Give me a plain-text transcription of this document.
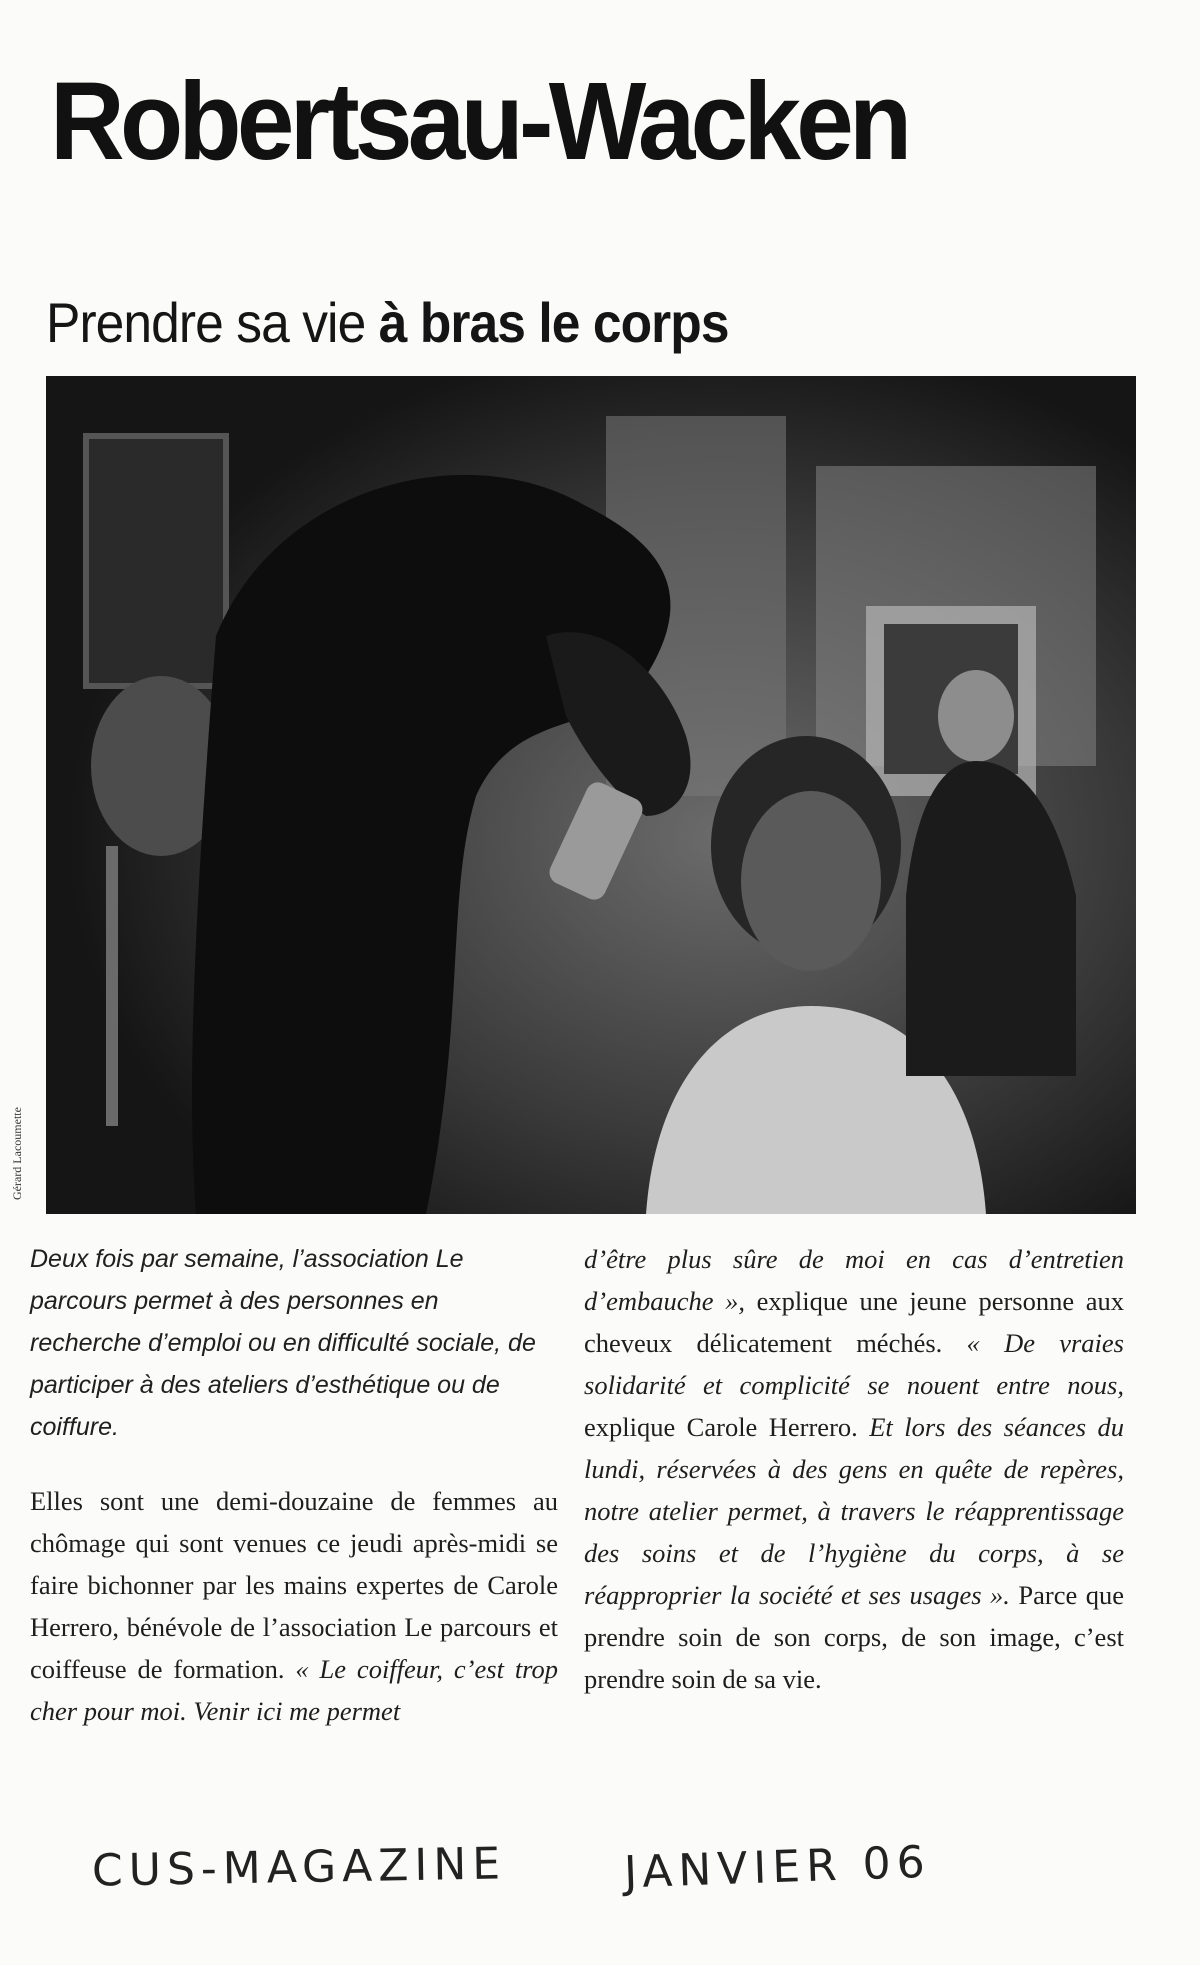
Robertsau-Wacken
Prendre sa vie à bras le corps
Gérard Lacoumette

Deux fois par semaine, l’association Le parcours permet à des personnes en recherche d’emploi ou en difficulté sociale, de participer à des ateliers d’esthétique ou de coiffure.

Elles sont une demi-douzaine de femmes au chômage qui sont venues ce jeudi après-midi se faire bichonner par les mains expertes de Carole Herrero, bénévole de l’association Le parcours et coiffeuse de formation. « Le coiffeur, c’est trop cher pour moi. Venir ici me permet

d’être plus sûre de moi en cas d’entretien d’embauche », explique une jeune personne aux cheveux délicatement méchés. « De vraies solidarité et complicité se nouent entre nous, explique Carole Herrero. Et lors des séances du lundi, réservées à des gens en quête de repères, notre atelier permet, à travers le réapprentissage des soins et de l’hygiène du corps, à se réapproprier la société et ses usages ». Parce que prendre soin de son corps, de son image, c’est prendre soin de sa vie.

CUS-MAGAZINE	JANVIER 06
